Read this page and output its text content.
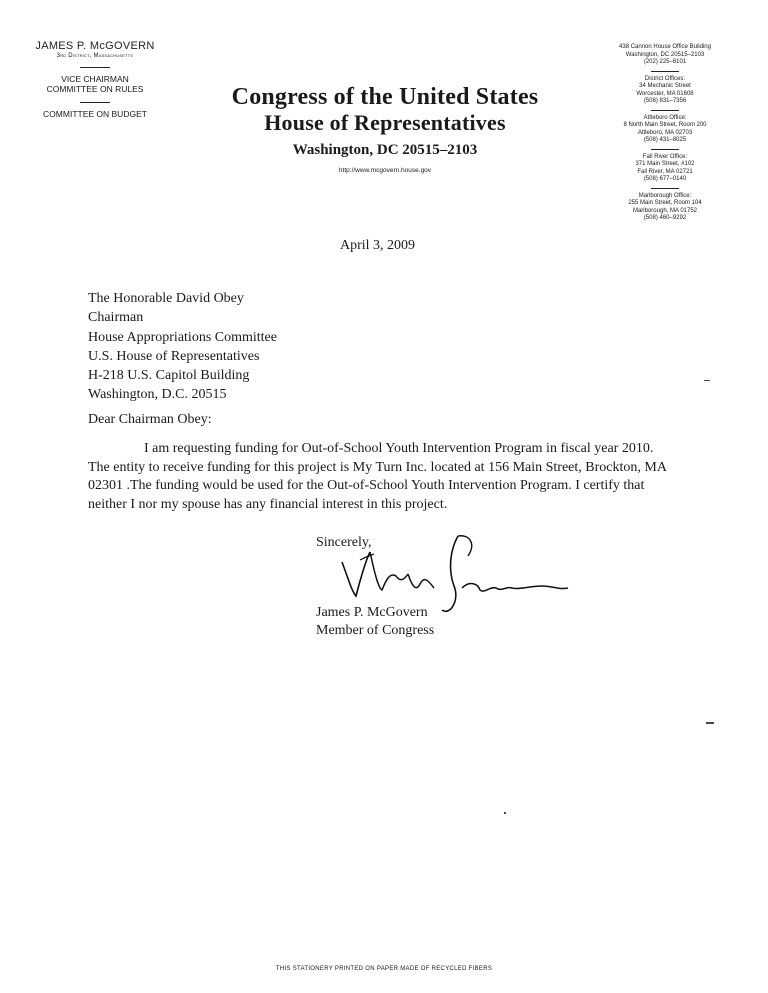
JAMES P. McGOVERN
3rd District, Massachusetts
VICE CHAIRMAN
COMMITTEE ON RULES
COMMITTEE ON BUDGET
Congress of the United States
House of Representatives
Washington, DC 20515–2103
http://www.mcgovern.house.gov
438 Cannon House Office Building
Washington, DC 20515–2103
(202) 225–6101
District Offices:
34 Mechanic Street
Worcester, MA 01608
(508) 831–7356
Attleboro Office:
8 North Main Street, Room 200
Attleboro, MA 02703
(508) 431–8025
Fall River Office:
371 Main Street, #102
Fall River, MA 02721
(508) 677–0140
Marlborough Office:
255 Main Street, Room 104
Marlborough, MA 01752
(508) 460–9292
April 3, 2009
The Honorable David Obey
Chairman
House Appropriations Committee
U.S. House of Representatives
H-218 U.S. Capitol Building
Washington, D.C. 20515
Dear Chairman Obey:
I am requesting funding for Out-of-School Youth Intervention Program in fiscal year 2010. The entity to receive funding for this project is My Turn Inc. located at 156 Main Street, Brockton, MA 02301 .The funding would be used for the Out-of-School Youth Intervention Program. I certify that neither I nor my spouse has any financial interest in this project.
Sincerely,
James P. McGovern
Member of Congress
THIS STATIONERY PRINTED ON PAPER MADE OF RECYCLED FIBERS
